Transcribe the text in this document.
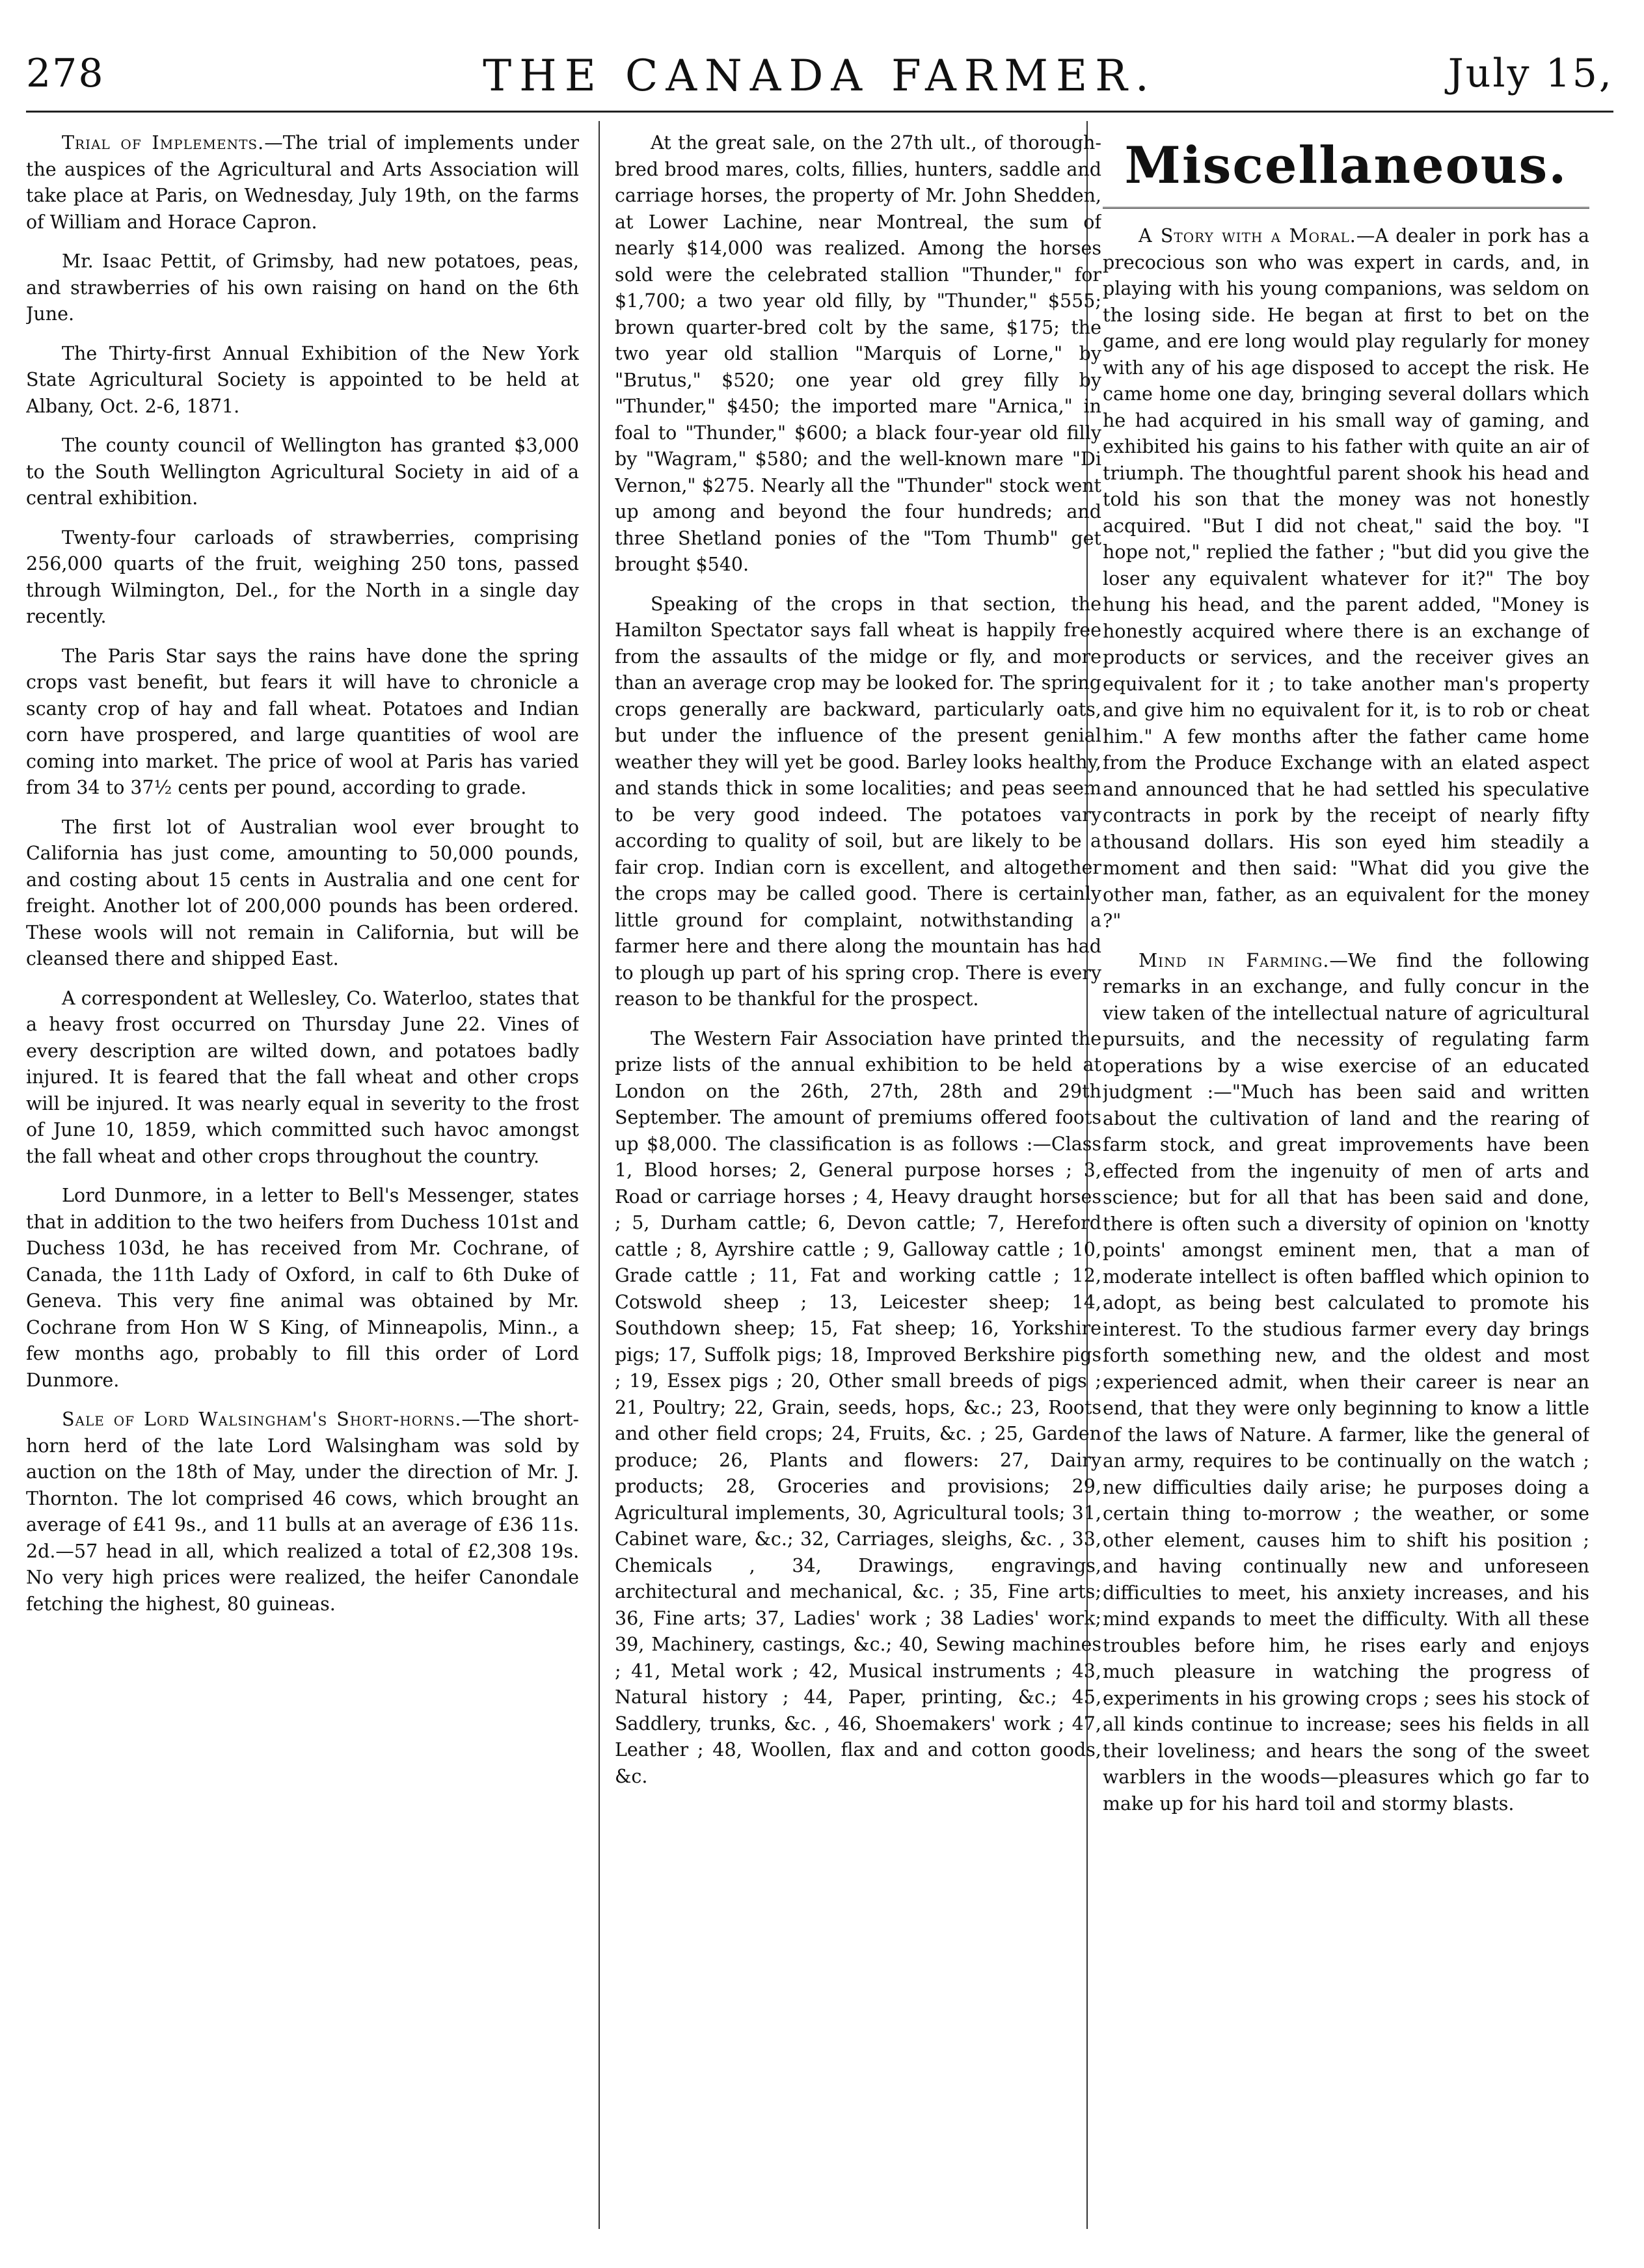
278	THE CANADA FARMER.	July 15,

Trial of Implements.—The trial of implements under the auspices of the Agricultural and Arts Association will take place at Paris, on Wednesday, July 19th, on the farms of William and Horace Capron.

Mr. Isaac Pettit, of Grimsby, had new potatoes, peas, and strawberries of his own raising on hand on the 6th June.

The Thirty-first Annual Exhibition of the New York State Agricultural Society is appointed to be held at Albany, Oct. 2-6, 1871.

The county council of Wellington has granted $3,000 to the South Wellington Agricultural Society in aid of a central exhibition.

Twenty-four carloads of strawberries, comprising 256,000 quarts of the fruit, weighing 250 tons, passed through Wilmington, Del., for the North in a single day recently.

The Paris Star says the rains have done the spring crops vast benefit, but fears it will have to chronicle a scanty crop of hay and fall wheat. Potatoes and Indian corn have prospered, and large quantities of wool are coming into market. The price of wool at Paris has varied from 34 to 37½ cents per pound, according to grade.

The first lot of Australian wool ever brought to California has just come, amounting to 50,000 pounds, and costing about 15 cents in Australia and one cent for freight. Another lot of 200,000 pounds has been ordered. These wools will not remain in California, but will be cleansed there and shipped East.

A correspondent at Wellesley, Co. Waterloo, states that a heavy frost occurred on Thursday June 22. Vines of every description are wilted down, and potatoes badly injured. It is feared that the fall wheat and other crops will be injured. It was nearly equal in severity to the frost of June 10, 1859, which committed such havoc amongst the fall wheat and other crops throughout the country.

Lord Dunmore, in a letter to Bell's Messenger, states that in addition to the two heifers from Duchess 101st and Duchess 103d, he has received from Mr. Cochrane, of Canada, the 11th Lady of Oxford, in calf to 6th Duke of Geneva. This very fine animal was obtained by Mr. Cochrane from Hon W S King, of Minneapolis, Minn., a few months ago, probably to fill this order of Lord Dunmore.

Sale of Lord Walsingham's Short-horns.—The short-horn herd of the late Lord Walsingham was sold by auction on the 18th of May, under the direction of Mr. J. Thornton. The lot comprised 46 cows, which brought an average of £41 9s., and 11 bulls at an average of £36 11s. 2d.—57 head in all, which realized a total of £2,308 19s. No very high prices were realized, the heifer Canondale fetching the highest, 80 guineas.

At the great sale, on the 27th ult., of thorough-bred brood mares, colts, fillies, hunters, saddle and carriage horses, the property of Mr. John Shedden, at Lower Lachine, near Montreal, the sum of nearly $14,000 was realized. Among the horses sold were the celebrated stallion "Thunder," for $1,700; a two year old filly, by "Thunder," $555; brown quarter-bred colt by the same, $175; the two year old stallion "Marquis of Lorne," by "Brutus," $520; one year old grey filly by "Thunder," $450; the imported mare "Arnica," in foal to "Thunder," $600; a black four-year old filly by "Wagram," $580; and the well-known mare "Di Vernon," $275. Nearly all the "Thunder" stock went up among and beyond the four hundreds; and three Shetland ponies of the "Tom Thumb" get brought $540.

Speaking of the crops in that section, the Hamilton Spectator says fall wheat is happily free from the assaults of the midge or fly, and more than an average crop may be looked for. The spring crops generally are backward, particularly oats, but under the influence of the present genial weather they will yet be good. Barley looks healthy, and stands thick in some localities; and peas seem to be very good indeed. The potatoes vary according to quality of soil, but are likely to be a fair crop. Indian corn is excellent, and altogether the crops may be called good. There is certainly little ground for complaint, notwithstanding a farmer here and there along the mountain has had to plough up part of his spring crop. There is every reason to be thankful for the prospect.

The Western Fair Association have printed the prize lists of the annual exhibition to be held at London on the 26th, 27th, 28th and 29th September. The amount of premiums offered foots up $8,000. The classification is as follows :—Class 1, Blood horses; 2, General purpose horses ; 3, Road or carriage horses ; 4, Heavy draught horses ; 5, Durham cattle; 6, Devon cattle; 7, Hereford cattle ; 8, Ayrshire cattle ; 9, Galloway cattle ; 10, Grade cattle ; 11, Fat and working cattle ; 12, Cotswold sheep ; 13, Leicester sheep; 14, Southdown sheep; 15, Fat sheep; 16, Yorkshire pigs; 17, Suffolk pigs; 18, Improved Berkshire pigs ; 19, Essex pigs ; 20, Other small breeds of pigs ; 21, Poultry; 22, Grain, seeds, hops, &c.; 23, Roots and other field crops; 24, Fruits, &c. ; 25, Garden produce; 26, Plants and flowers: 27, Dairy products; 28, Groceries and provisions; 29, Agricultural implements, 30, Agricultural tools; 31, Cabinet ware, &c.; 32, Carriages, sleighs, &c. , 33, Chemicals , 34, Drawings, engravings, architectural and mechanical, &c. ; 35, Fine arts; 36, Fine arts; 37, Ladies' work ; 38 Ladies' work; 39, Machinery, castings, &c.; 40, Sewing machines ; 41, Metal work ; 42, Musical instruments ; 43, Natural history ; 44, Paper, printing, &c.; 45, Saddlery, trunks, &c. , 46, Shoemakers' work ; 47, Leather ; 48, Woollen, flax and and cotton goods, &c.

Miscellaneous.

A Story with a Moral.—A dealer in pork has a precocious son who was expert in cards, and, in playing with his young companions, was seldom on the losing side. He began at first to bet on the game, and ere long would play regularly for money with any of his age disposed to accept the risk. He came home one day, bringing several dollars which he had acquired in his small way of gaming, and exhibited his gains to his father with quite an air of triumph. The thoughtful parent shook his head and told his son that the money was not honestly acquired. "But I did not cheat," said the boy. "I hope not," replied the father ; "but did you give the loser any equivalent whatever for it?" The boy hung his head, and the parent added, "Money is honestly acquired where there is an exchange of products or services, and the receiver gives an equivalent for it ; to take another man's property and give him no equivalent for it, is to rob or cheat him." A few months after the father came home from the Produce Exchange with an elated aspect and announced that he had settled his speculative contracts in pork by the receipt of nearly fifty thousand dollars. His son eyed him steadily a moment and then said: "What did you give the other man, father, as an equivalent for the money ?"

Mind in Farming.—We find the following remarks in an exchange, and fully concur in the view taken of the intellectual nature of agricultural pursuits, and the necessity of regulating farm operations by a wise exercise of an educated judgment :—"Much has been said and written about the cultivation of land and the rearing of farm stock, and great improvements have been effected from the ingenuity of men of arts and science; but for all that has been said and done, there is often such a diversity of opinion on 'knotty points' amongst eminent men, that a man of moderate intellect is often baffled which opinion to adopt, as being best calculated to promote his interest. To the studious farmer every day brings forth something new, and the oldest and most experienced admit, when their career is near an end, that they were only beginning to know a little of the laws of Nature. A farmer, like the general of an army, requires to be continually on the watch ; new difficulties daily arise; he purposes doing a certain thing to-morrow ; the weather, or some other element, causes him to shift his position ; and having continually new and unforeseen difficulties to meet, his anxiety increases, and his mind expands to meet the difficulty. With all these troubles before him, he rises early and enjoys much pleasure in watching the progress of experiments in his growing crops ; sees his stock of all kinds continue to increase; sees his fields in all their loveliness; and hears the song of the sweet warblers in the woods—pleasures which go far to make up for his hard toil and stormy blasts.
